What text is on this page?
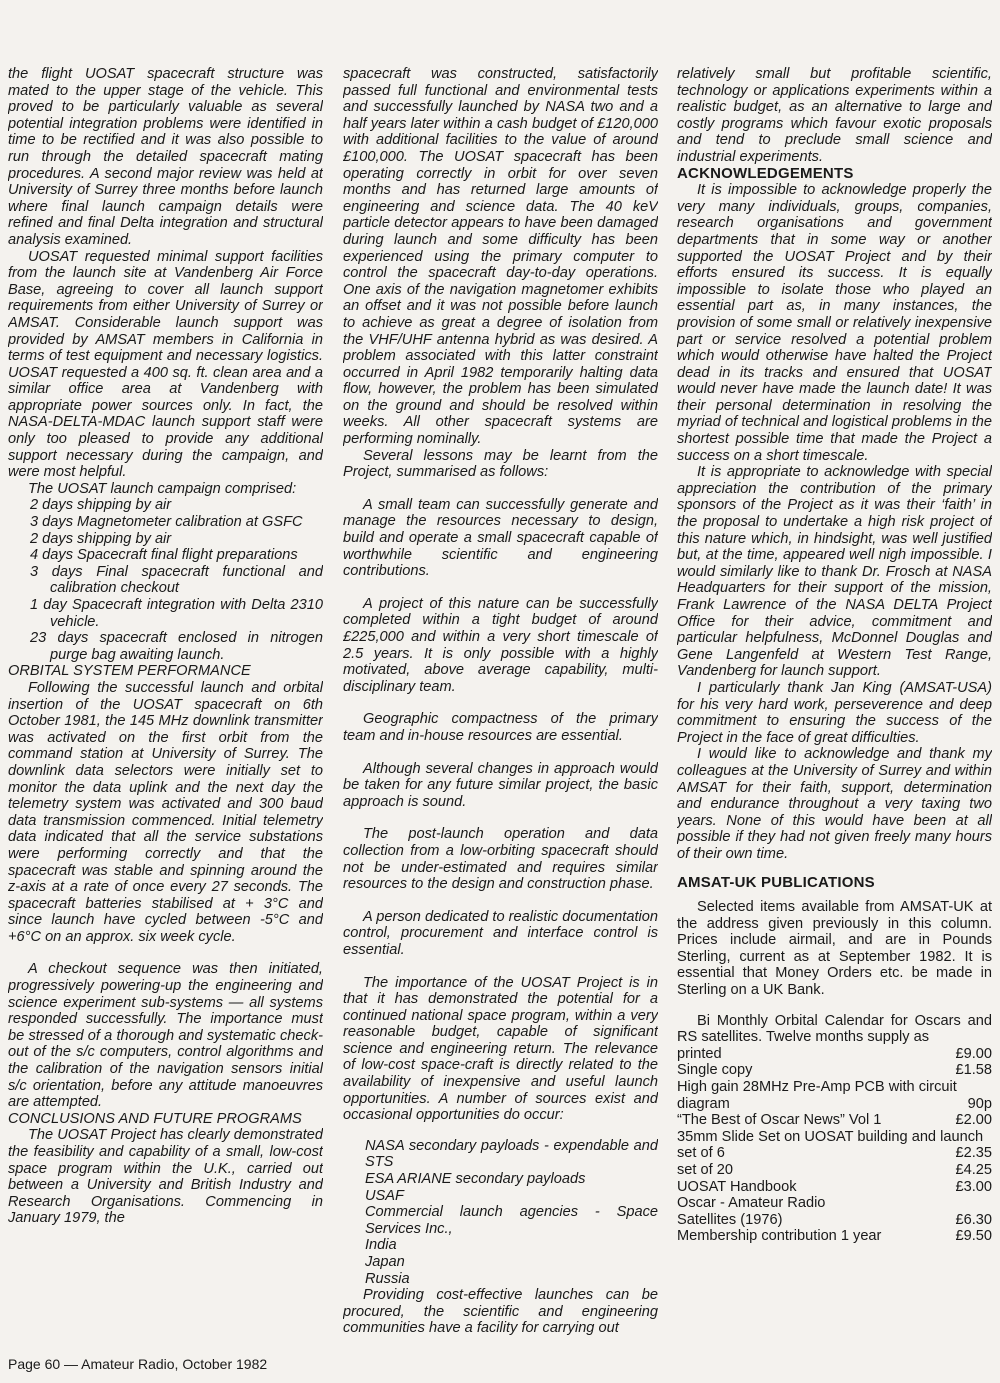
the flight UOSAT spacecraft structure was mated to the upper stage of the vehicle. This proved to be particularly valuable as several potential integration problems were identified in time to be rectified and it was also possible to run through the detailed spacecraft mating procedures. A second major review was held at University of Surrey three months before launch where final launch campaign details were refined and final Delta integration and structural analysis examined.

UOSAT requested minimal support facilities from the launch site at Vandenberg Air Force Base, agreeing to cover all launch support requirements from either University of Surrey or AMSAT. Considerable launch support was provided by AMSAT members in California in terms of test equipment and necessary logistics. UOSAT requested a 400 sq. ft. clean area and a similar office area at Vandenberg with appropriate power sources only. In fact, the NASA-DELTA-MDAC launch support staff were only too pleased to provide any additional support necessary during the campaign, and were most helpful.

The UOSAT launch campaign comprised:

2 days shipping by air
3 days Magnetometer calibration at GSFC
2 days shipping by air
4 days Spacecraft final flight preparations
3 days Final spacecraft functional and calibration checkout
1 day Spacecraft integration with Delta 2310 vehicle.
23 days spacecraft enclosed in nitrogen purge bag awaiting launch.
ORBITAL SYSTEM PERFORMANCE

Following the successful launch and orbital insertion of the UOSAT spacecraft on 6th October 1981, the 145 MHz downlink transmitter was activated on the first orbit from the command station at University of Surrey. The downlink data selectors were initially set to monitor the data uplink and the next day the telemetry system was activated and 300 baud data transmission commenced. Initial telemetry data indicated that all the service substations were performing correctly and that the spacecraft was stable and spinning around the z-axis at a rate of once every 27 seconds. The spacecraft batteries stabilised at + 3°C and since launch have cycled between -5°C and +6°C on an approx. six week cycle.

A checkout sequence was then initiated, progressively powering-up the engineering and science experiment sub-systems — all systems responded successfully. The importance must be stressed of a thorough and systematic check-out of the s/c computers, control algorithms and the calibration of the navigation sensors initial s/c orientation, before any attitude manoeuvres are attempted.

CONCLUSIONS AND FUTURE PROGRAMS

The UOSAT Project has clearly demonstrated the feasibility and capability of a small, low-cost space program within the U.K., carried out between a University and British Industry and Research Organisations. Commencing in January 1979, the

spacecraft was constructed, satisfactorily passed full functional and environmental tests and successfully launched by NASA two and a half years later within a cash budget of £120,000 with additional facilities to the value of around £100,000. The UOSAT spacecraft has been operating correctly in orbit for over seven months and has returned large amounts of engineering and science data. The 40 keV particle detector appears to have been damaged during launch and some difficulty has been experienced using the primary computer to control the spacecraft day-to-day operations. One axis of the navigation magnetomer exhibits an offset and it was not possible before launch to achieve as great a degree of isolation from the VHF/UHF antenna hybrid as was desired. A problem associated with this latter constraint occurred in April 1982 temporarily halting data flow, however, the problem has been simulated on the ground and should be resolved within weeks. All other spacecraft systems are performing nominally.

Several lessons may be learnt from the Project, summarised as follows:

A small team can successfully generate and manage the resources necessary to design, build and operate a small spacecraft capable of worthwhile scientific and engineering contributions.

A project of this nature can be successfully completed within a tight budget of around £225,000 and within a very short timescale of 2.5 years. It is only possible with a highly motivated, above average capability, multi-disciplinary team.

Geographic compactness of the primary team and in-house resources are essential.

Although several changes in approach would be taken for any future similar project, the basic approach is sound.

The post-launch operation and data collection from a low-orbiting spacecraft should not be under-estimated and requires similar resources to the design and construction phase.

A person dedicated to realistic documentation control, procurement and interface control is essential.

The importance of the UOSAT Project is in that it has demonstrated the potential for a continued national space program, within a very reasonable budget, capable of significant science and engineering return. The relevance of low-cost space-craft is directly related to the availability of inexpensive and useful launch opportunities. A number of sources exist and occasional opportunities do occur:

NASA secondary payloads - expendable and STS
ESA ARIANE secondary payloads
USAF
Commercial launch agencies - Space Services Inc.,
India
Japan
Russia

Providing cost-effective launches can be procured, the scientific and engineering communities have a facility for carrying out

relatively small but profitable scientific, technology or applications experiments within a realistic budget, as an alternative to large and costly programs which favour exotic proposals and tend to preclude small science and industrial experiments.

ACKNOWLEDGEMENTS

It is impossible to acknowledge properly the very many individuals, groups, companies, research organisations and government departments that in some way or another supported the UOSAT Project and by their efforts ensured its success. It is equally impossible to isolate those who played an essential part as, in many instances, the provision of some small or relatively inexpensive part or service resolved a potential problem which would otherwise have halted the Project dead in its tracks and ensured that UOSAT would never have made the launch date! It was their personal determination in resolving the myriad of technical and logistical problems in the shortest possible time that made the Project a success on a short timescale.

It is appropriate to acknowledge with special appreciation the contribution of the primary sponsors of the Project as it was their ‘faith’ in the proposal to undertake a high risk project of this nature which, in hindsight, was well justified but, at the time, appeared well nigh impossible. I would similarly like to thank Dr. Frosch at NASA Headquarters for their support of the mission, Frank Lawrence of the NASA DELTA Project Office for their advice, commitment and particular helpfulness, McDonnel Douglas and Gene Langenfeld at Western Test Range, Vandenberg for launch support.

I particularly thank Jan King (AMSAT-USA) for his very hard work, perseverence and deep commitment to ensuring the success of the Project in the face of great difficulties.

I would like to acknowledge and thank my colleagues at the University of Surrey and within AMSAT for their faith, support, determination and endurance throughout a very taxing two years. None of this would have been at all possible if they had not given freely many hours of their own time.

AMSAT-UK PUBLICATIONS

Selected items available from AMSAT-UK at the address given previously in this column. Prices include airmail, and are in Pounds Sterling, current as at September 1982. It is essential that Money Orders etc. be made in Sterling on a UK Bank.

Bi Monthly Orbital Calendar for Oscars and RS satellites. Twelve months supply as

printed	£9.00
Single copy	£1.58
High gain 28MHz Pre-Amp PCB with circuit	
diagram	90p
“The Best of Oscar News” Vol 1	£2.00
35mm Slide Set on UOSAT building and launch	
set of 6	£2.35
set of 20	£4.25
UOSAT Handbook	£3.00
Oscar - Amateur Radio	
Satellites (1976)	£6.30
Membership contribution 1 year	£9.50
Page 60 — Amateur Radio, October 1982
